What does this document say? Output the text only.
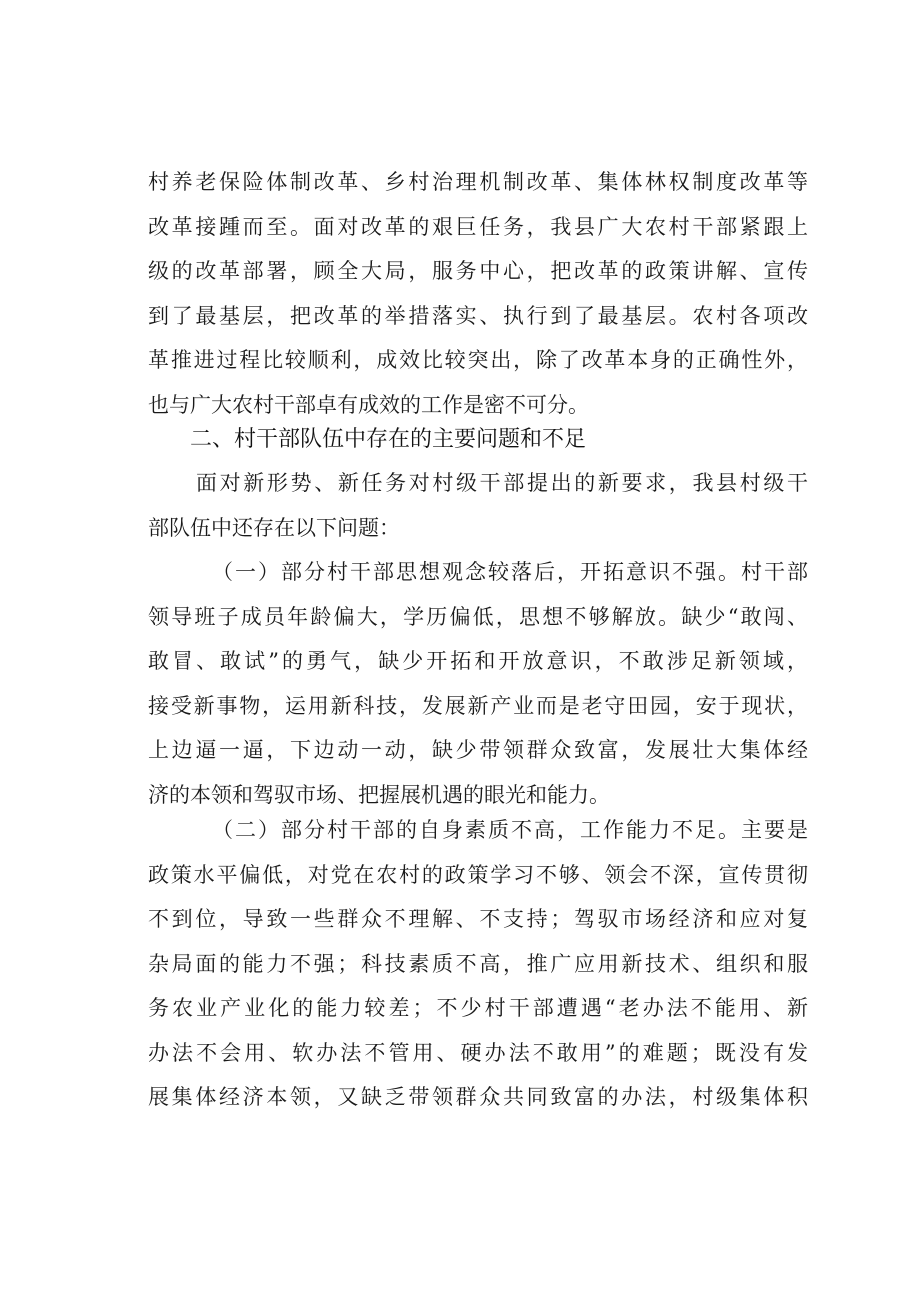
村养老保险体制改革、乡村治理机制改革、集体林权制度改革等
改革接踵而至。面对改革的艰巨任务，我县广大农村干部紧跟上
级的改革部署，顾全大局，服务中心，把改革的政策讲解、宣传
到了最基层，把改革的举措落实、执行到了最基层。农村各项改
革推进过程比较顺利，成效比较突出，除了改革本身的正确性外，
也与广大农村干部卓有成效的工作是密不可分。
二、村干部队伍中存在的主要问题和不足
面对新形势、新任务对村级干部提出的新要求，我县村级干
部队伍中还存在以下问题：
（一）部分村干部思想观念较落后，开拓意识不强。村干部
领导班子成员年龄偏大，学历偏低，思想不够解放。缺少“敢闯、
敢冒、敢试”的勇气，缺少开拓和开放意识，不敢涉足新领域，
接受新事物，运用新科技，发展新产业而是老守田园，安于现状，
上边逼一逼，下边动一动，缺少带领群众致富，发展壮大集体经
济的本领和驾驭市场、把握展机遇的眼光和能力。
（二）部分村干部的自身素质不高，工作能力不足。主要是
政策水平偏低，对党在农村的政策学习不够、领会不深，宣传贯彻
不到位，导致一些群众不理解、不支持；驾驭市场经济和应对复
杂局面的能力不强；科技素质不高，推广应用新技术、组织和服
务农业产业化的能力较差；不少村干部遭遇“老办法不能用、新
办法不会用、软办法不管用、硬办法不敢用”的难题；既没有发
展集体经济本领，又缺乏带领群众共同致富的办法，村级集体积
